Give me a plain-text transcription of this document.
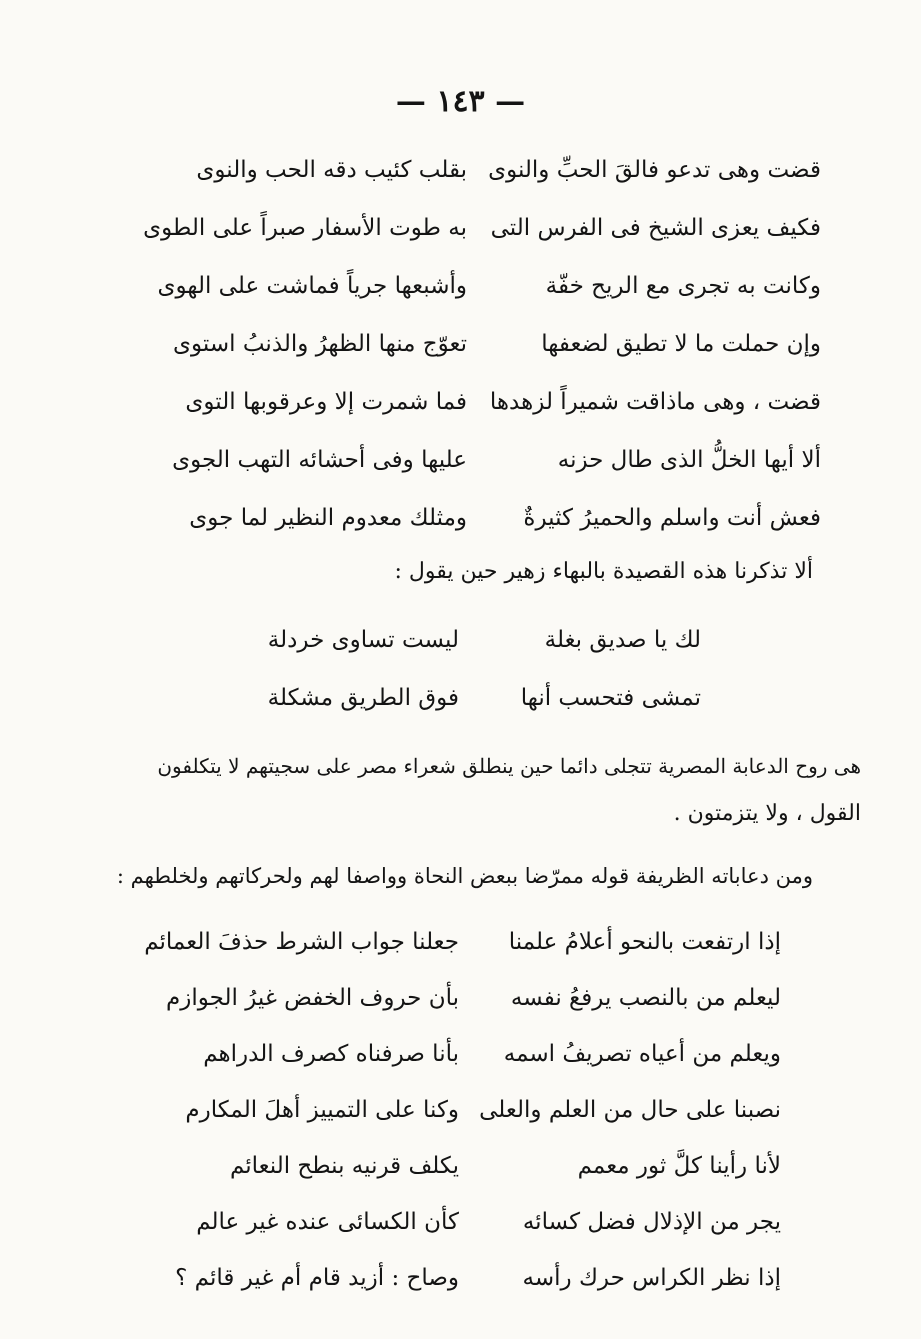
— ١٤٣ —
قضت وهى تدعو فالقَ الحبِّ والنوى
بقلب كئيب دقه الحب والنوى
فكيف يعزى الشيخ فى الفرس التى
به طوت الأسفار صبراً على الطوى
وكانت به تجرى مع الريح خفّة
وأشبعها جرياً فماشت على الهوى
وإن حملت ما لا تطيق لضعفها
تعوّج منها الظهرُ والذنبُ استوى
قضت ، وهى ماذاقت شميراً لزهدها
فما شمرت إلا وعرقوبها التوى
ألا أيها الخلُّ الذى طال حزنه
عليها وفى أحشائه التهب الجوى
فعش أنت واسلم والحميرُ كثيرةٌ
ومثلك معدوم النظير لما جوى
ألا تذكرنا هذه القصيدة بالبهاء زهير حين يقول :
لك يا صديق بغلة
ليست تساوى خردلة
تمشى فتحسب أنها
فوق الطريق مشكلة
هى روح الدعابة المصرية تتجلى دائما حين ينطلق شعراء مصر على سجيتهم لا يتكلفون
القول ، ولا يتزمتون .
ومن دعاباته الظريفة قوله ممرّضا ببعض النحاة وواصفا لهم ولحركاتهم ولخلطهم :
إذا ارتفعت بالنحو أعلامُ علمنا
جعلنا جواب الشرط حذفَ العمائم
ليعلم من بالنصب يرفعُ نفسه
بأن حروف الخفض غيرُ الجوازم
ويعلم من أعياه تصريفُ اسمه
بأنا صرفناه كصرف الدراهم
نصبنا على حال من العلم والعلى
وكنا على التمييز أهلَ المكارم
لأنا رأينا كلَّ ثور معمم
يكلف قرنيه بنطح النعائم
يجر من الإذلال فضل كسائه
كأن الكسائى عنده غير عالم
إذا نظر الكراس حرك رأسه
وصاح : أزيد قام أم غير قائم ؟
